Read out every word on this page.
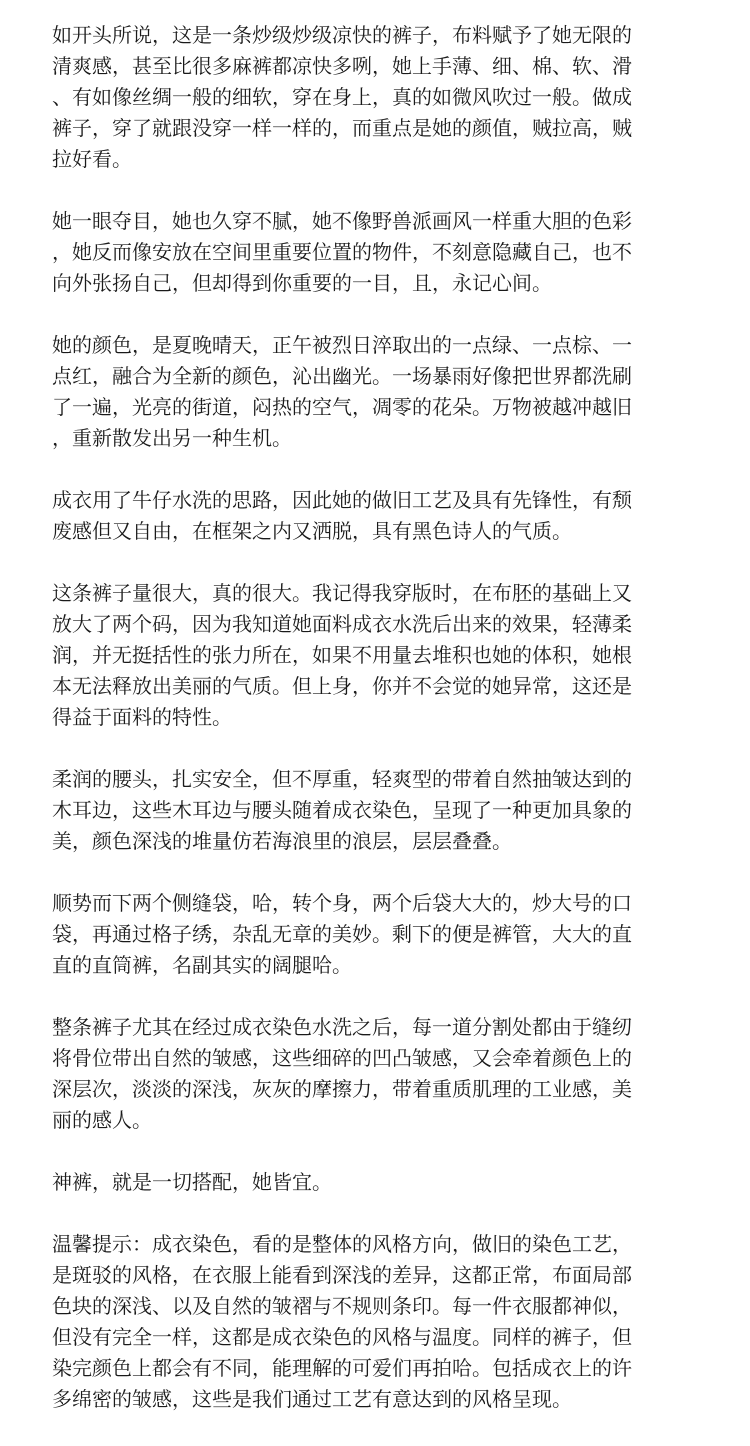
如开头所说，这是一条炒级炒级凉快的裤子，布料赋予了她无限的
清爽感，甚至比很多麻裤都凉快多咧，她上手薄、细、棉、软、滑
、有如像丝绸一般的细软，穿在身上，真的如微风吹过一般。做成
裤子，穿了就跟没穿一样一样的，而重点是她的颜值，贼拉高，贼
拉好看。
她一眼夺目，她也久穿不腻，她不像野兽派画风一样重大胆的色彩
，她反而像安放在空间里重要位置的物件，不刻意隐藏自己，也不
向外张扬自己，但却得到你重要的一目，且，永记心间。
她的颜色，是夏晚晴天，正午被烈日淬取出的一点绿、一点棕、一
点红，融合为全新的颜色，沁出幽光。一场暴雨好像把世界都洗刷
了一遍，光亮的街道，闷热的空气，凋零的花朵。万物被越冲越旧
，重新散发出另一种生机。
成衣用了牛仔水洗的思路，因此她的做旧工艺及具有先锋性，有颓
废感但又自由，在框架之内又洒脱，具有黑色诗人的气质。
这条裤子量很大，真的很大。我记得我穿版时，在布胚的基础上又
放大了两个码，因为我知道她面料成衣水洗后出来的效果，轻薄柔
润，并无挺括性的张力所在，如果不用量去堆积也她的体积，她根
本无法释放出美丽的气质。但上身，你并不会觉的她异常，这还是
得益于面料的特性。
柔润的腰头，扎实安全，但不厚重，轻爽型的带着自然抽皱达到的
木耳边，这些木耳边与腰头随着成衣染色，呈现了一种更加具象的
美，颜色深浅的堆量仿若海浪里的浪层，层层叠叠。
顺势而下两个侧缝袋，哈，转个身，两个后袋大大的，炒大号的口
袋，再通过格子绣，杂乱无章的美妙。剩下的便是裤管，大大的直
直的直筒裤，名副其实的阔腿哈。
整条裤子尤其在经过成衣染色水洗之后，每一道分割处都由于缝纫
将骨位带出自然的皱感，这些细碎的凹凸皱感，又会牵着颜色上的
深层次，淡淡的深浅，灰灰的摩擦力，带着重质肌理的工业感，美
丽的感人。
神裤，就是一切搭配，她皆宜。
温馨提示：成衣染色，看的是整体的风格方向，做旧的染色工艺，
是斑驳的风格，在衣服上能看到深浅的差异，这都正常，布面局部
色块的深浅、以及自然的皱褶与不规则条印。每一件衣服都神似，
但没有完全一样，这都是成衣染色的风格与温度。同样的裤子，但
染完颜色上都会有不同，能理解的可爱们再拍哈。包括成衣上的许
多绵密的皱感，这些是我们通过工艺有意达到的风格呈现。
